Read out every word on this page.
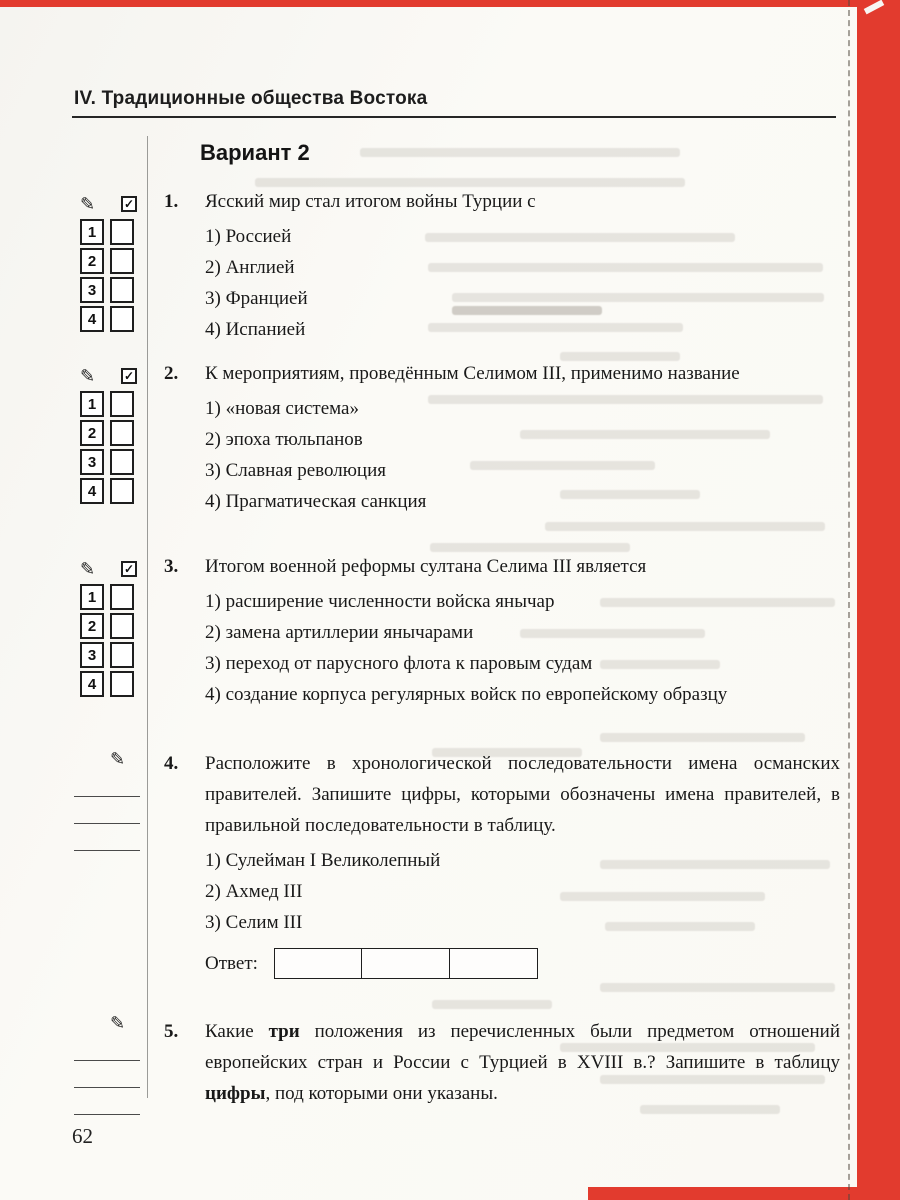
IV. Традиционные общества Востока
Вариант 2
✎ ✓
1
2
3
4
✎ ✓
1
2
3
4
✎ ✓
1
2
3
4
✎
✎
1. Ясский мир стал итогом войны Турции с
1) Россией
2) Англией
3) Францией
4) Испанией
2. К мероприятиям, проведённым Селимом III, применимо название
1) «новая система»
2) эпоха тюльпанов
3) Славная революция
4) Прагматическая санкция
3. Итогом военной реформы султана Селима III является
1) расширение численности войска янычар
2) замена артиллерии янычарами
3) переход от парусного флота к паровым судам
4) создание корпуса регулярных войск по европейскому образцу
4. Расположите в хронологической последовательности имена османских правителей. Запишите цифры, которыми обозначены имена правителей, в правильной последовательности в таблицу.
1) Сулейман I Великолепный
2) Ахмед III
3) Селим III
Ответ:
5. Какие три положения из перечисленных были предметом отношений европейских стран и России с Турцией в XVIII в.? Запишите в таблицу цифры, под которыми они указаны.
62
